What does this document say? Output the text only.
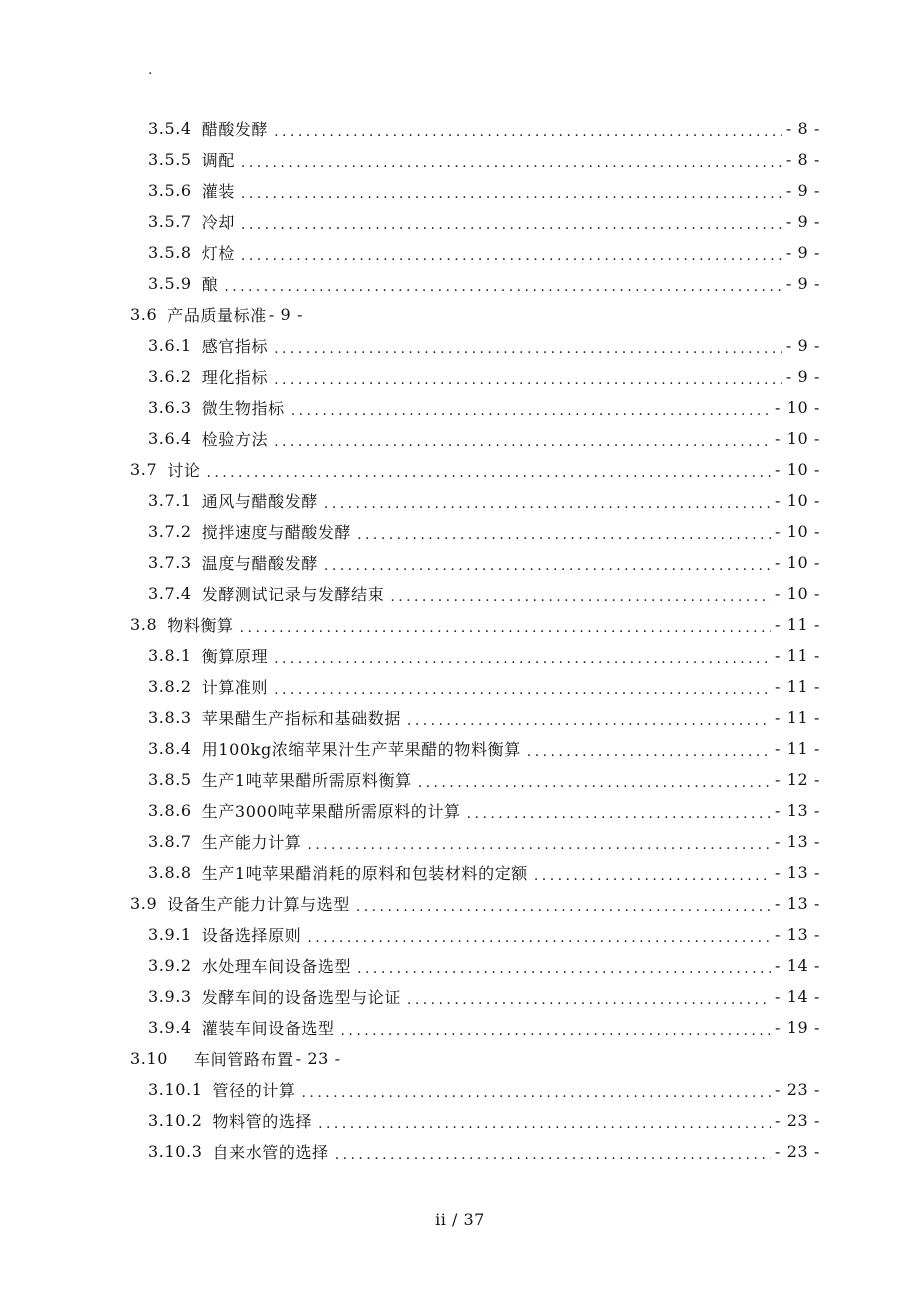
.
3.5.4 醋酸发酵 . . .	- 8 -
3.5.5 调配 . . .	- 8 -
3.5.6 灌装 . . .	- 9 -
3.5.7 冷却 . . .	- 9 -
3.5.8 灯检 . . .	- 9 -
3.5.9 酿 . . .	- 9 -
3.6 产品质量标准 - 9 -
3.6.1 感官指标 . . .	- 9 -
3.6.2 理化指标 . . .	- 9 -
3.6.3 微生物指标 . . .	- 10 -
3.6.4 检验方法 . . .	- 10 -
3.7 讨论 . . .	- 10 -
3.7.1 通风与醋酸发酵 . . .	- 10 -
3.7.2 搅拌速度与醋酸发酵 . . .	- 10 -
3.7.3 温度与醋酸发酵 . . .	- 10 -
3.7.4 发酵测试记录与发酵结束 . . .	- 10 -
3.8 物料衡算 . . .	- 11 -
3.8.1 衡算原理 . . .	- 11 -
3.8.2 计算准则 . . .	- 11 -
3.8.3 苹果醋生产指标和基础数据 . . .	- 11 -
3.8.4 用100kg浓缩苹果汁生产苹果醋的物料衡算 . . .	- 11 -
3.8.5 生产1吨苹果醋所需原料衡算 . . .	- 12 -
3.8.6 生产3000吨苹果醋所需原料的计算 . . .	- 13 -
3.8.7 生产能力计算 . . .	- 13 -
3.8.8 生产1吨苹果醋消耗的原料和包装材料的定额 . . .	- 13 -
3.9 设备生产能力计算与选型 . . .	- 13 -
3.9.1 设备选择原则 . . .	- 13 -
3.9.2 水处理车间设备选型 . . .	- 14 -
3.9.3 发酵车间的设备选型与论证 . . .	- 14 -
3.9.4 灌装车间设备选型 . . .	- 19 -
3.10 车间管路布置 - 23 -
3.10.1 管径的计算 . . .	- 23 -
3.10.2 物料管的选择 . . .	- 23 -
3.10.3 自来水管的选择 . . .	- 23 -
ii / 37
